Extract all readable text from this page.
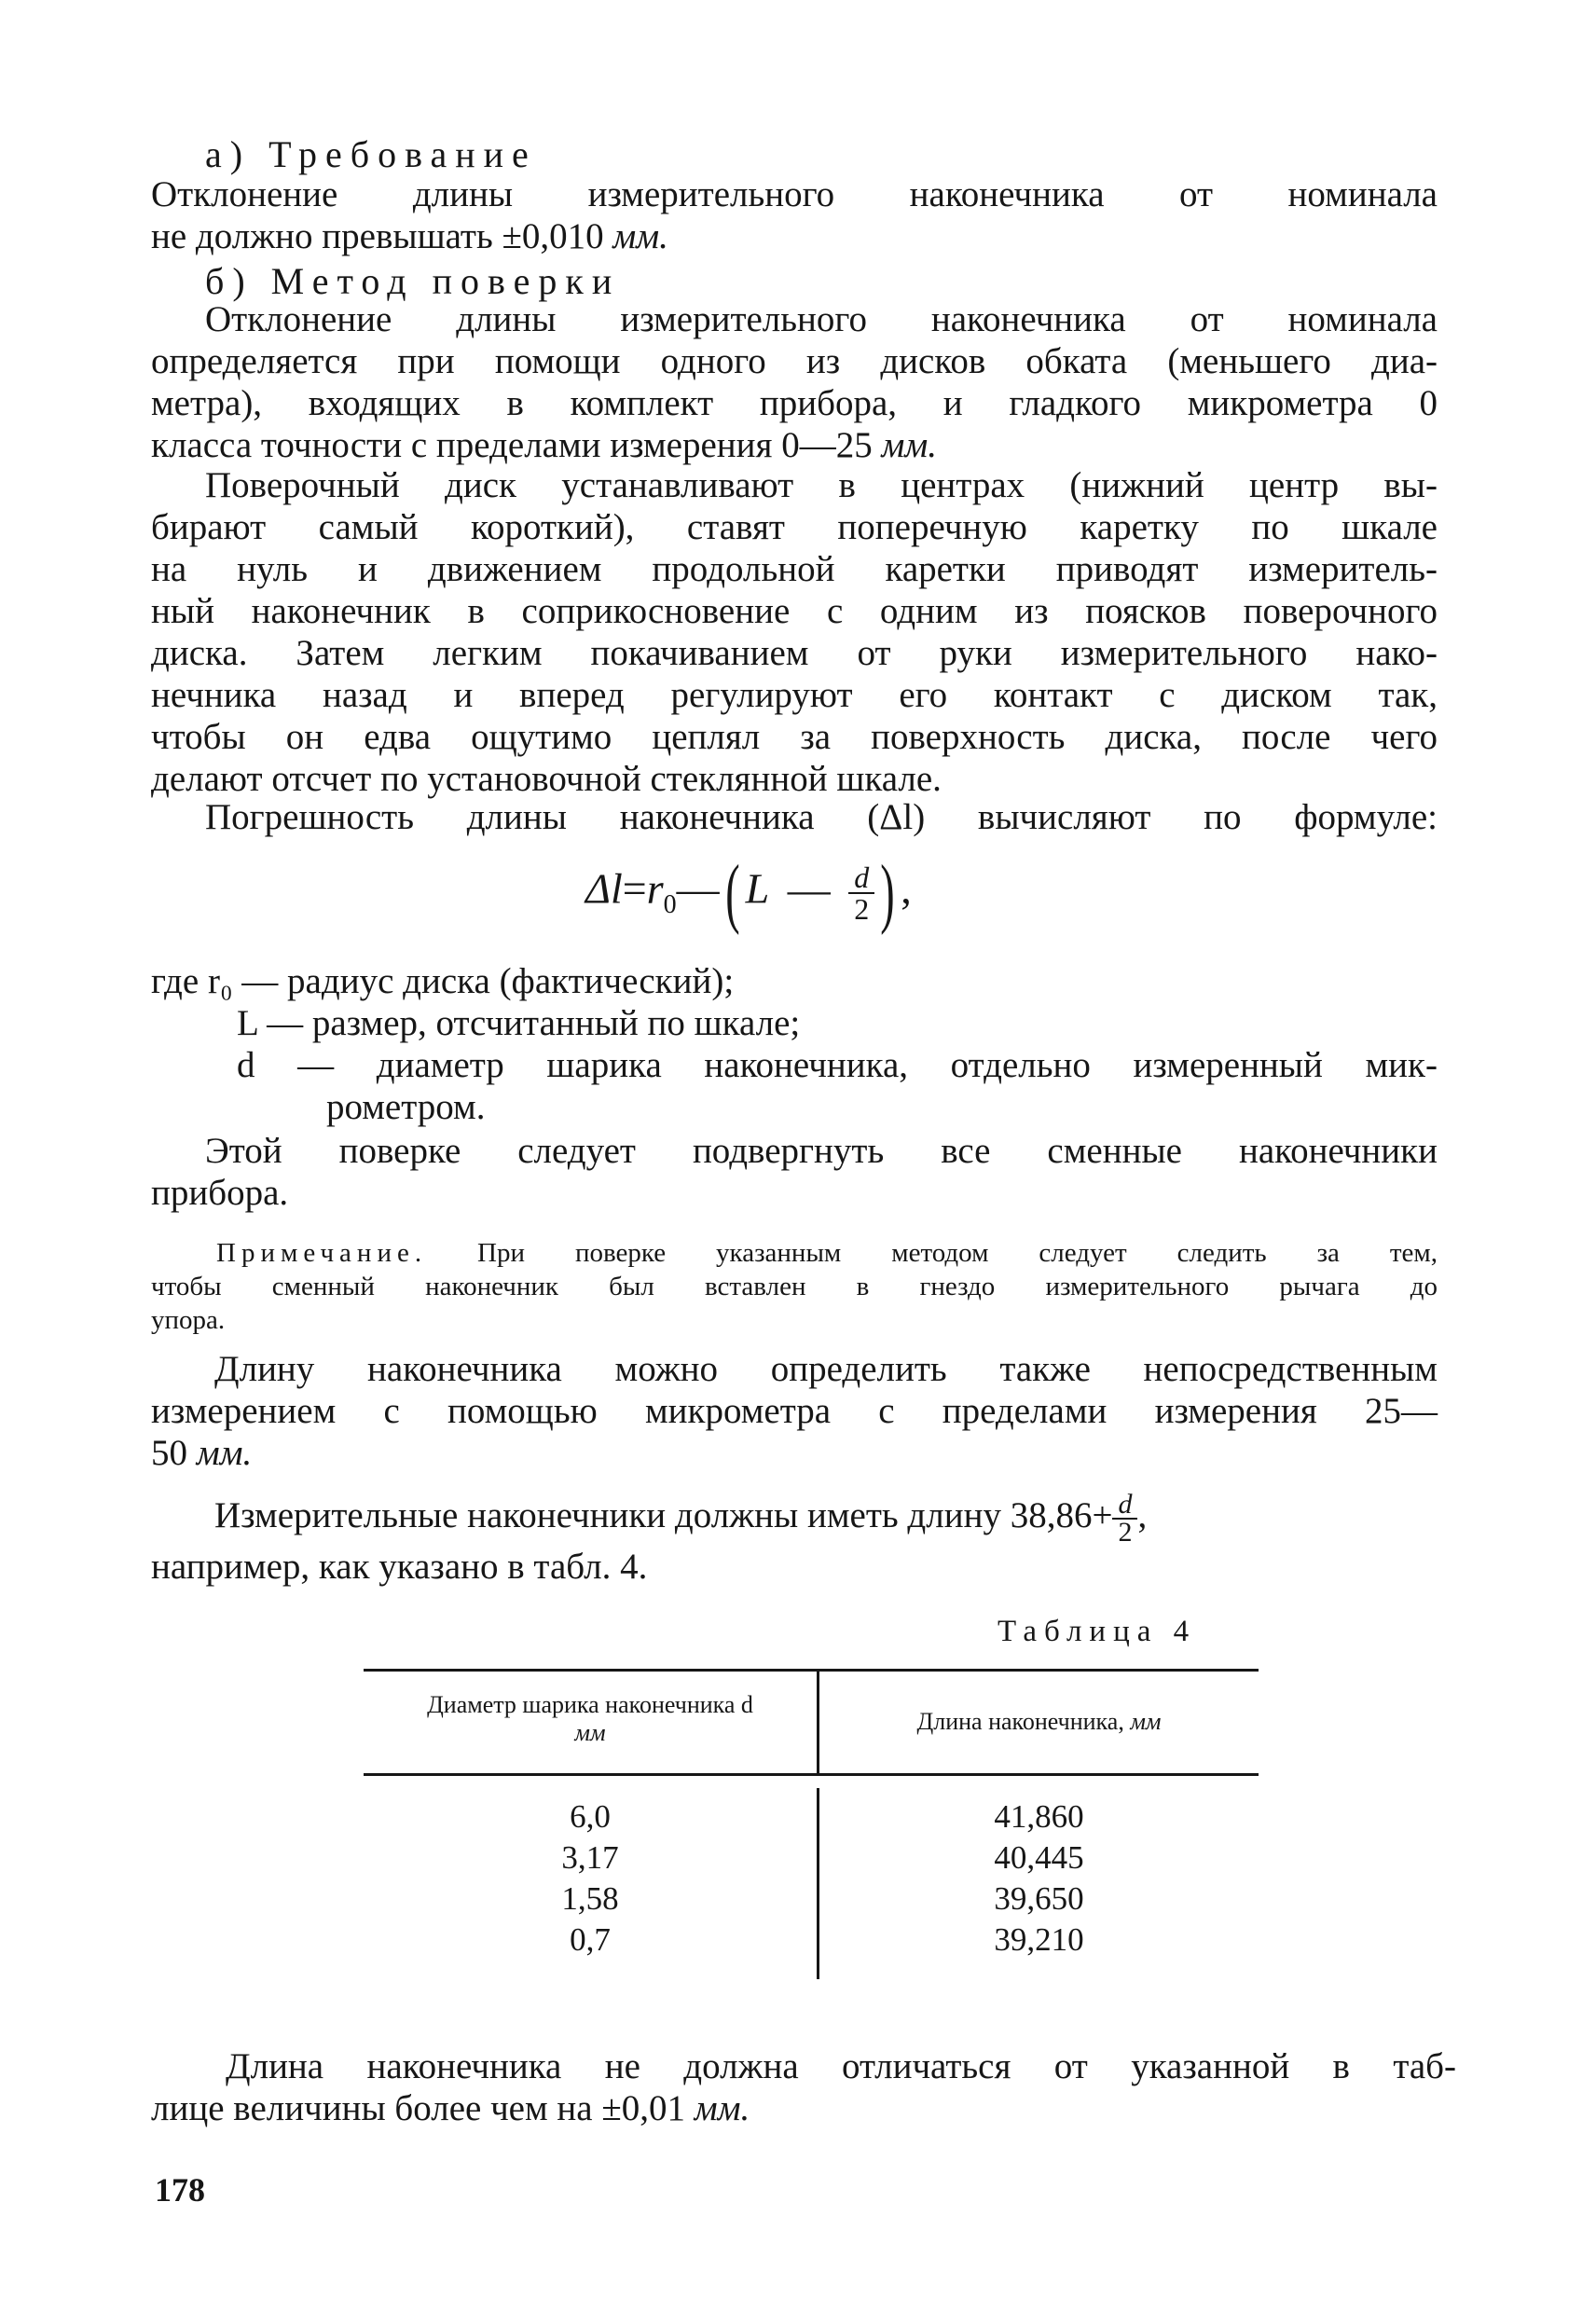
а) Требование
Отклонение длины измерительного наконечника от номинала
не должно превышать ±0,010 мм.
б) Метод поверки
Отклонение длины измерительного наконечника от номинала
определяется при помощи одного из дисков обката (меньшего диа-
метра), входящих в комплект прибора, и гладкого микрометра 0
класса точности с пределами измерения 0—25 мм.
Поверочный диск устанавливают в центрах (нижний центр вы-
бирают самый короткий), ставят поперечную каретку по шкале
на нуль и движением продольной каретки приводят измеритель-
ный наконечник в соприкосновение с одним из поясков поверочного
диска. Затем легким покачиванием от руки измерительного нако-
нечника назад и вперед регулируют его контакт с диском так,
чтобы он едва ощутимо цеплял за поверхность диска, после чего
делают отсчет по установочной стеклянной шкале.
Погрешность длины наконечника (Δl) вычисляют по формуле:
$\Delta l=r_0—$( L — $\frac{d}{2}$ ) ,
где r₀ — радиус диска (фактический);
L — размер, отсчитанный по шкале;
d — диаметр шарика наконечника, отдельно измеренный мик-
рометром.
Этой поверке следует подвергнуть все сменные наконечники
прибора.
Примечание. При поверке указанным методом следует следить за тем,
чтобы сменный наконечник был вставлен в гнездо измерительного рычага до
упора.
Длину наконечника можно определить также непосредственным
измерением с помощью микрометра с пределами измерения 25—
50 мм.
Измерительные наконечники должны иметь длину $38,86+ \frac{d}{2}$ ,
например, как указано в табл. 4.
Таблица 4
Диаметр шарика наконечника d
мм	Длина наконечника, мм
6,0	41,860
3,17	40,445
1,58	39,650
0,7	39,210
Длина наконечника не должна отличаться от указанной в таб-
лице величины более чем на ±0,01 мм.
178
